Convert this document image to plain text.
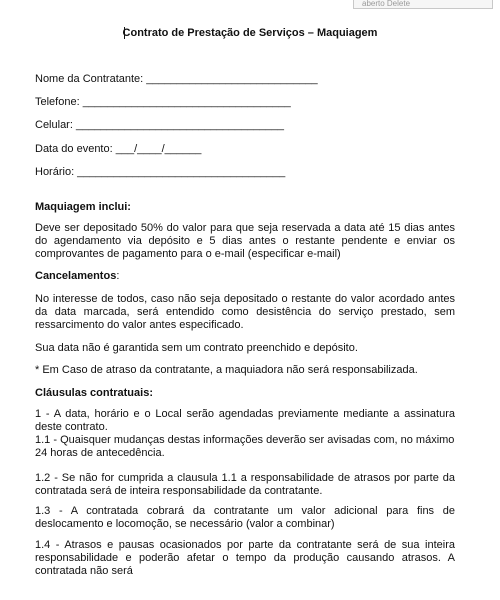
aberto Delete
Contrato de Prestação de Serviços – Maquiagem
Nome da Contratante: ____________________________
Telefone: __________________________________
Celular: __________________________________
Data do evento: ___/____/______
Horário: __________________________________
Maquiagem inclui:
Deve ser depositado 50% do valor para que seja reservada a data até 15 dias antes do agendamento via depósito e 5 dias antes o restante pendente e enviar os comprovantes de pagamento para o e-mail (especificar e-mail)
Cancelamentos:
No interesse de todos, caso não seja depositado o restante do valor acordado antes da data marcada, será entendido como desistência do serviço prestado, sem ressarcimento do valor antes especificado.
Sua data não é garantida sem um contrato preenchido e depósito.
* Em Caso de atraso da contratante, a maquiadora não será responsabilizada.
Cláusulas contratuais:
1 - A data, horário e o Local serão agendadas previamente mediante a assinatura deste contrato.
1.1 - Quaisquer mudanças destas informações deverão ser avisadas com, no máximo 24 horas de antecedência.
1.2 - Se não for cumprida a clausula 1.1 a responsabilidade de atrasos por parte da contratada será de inteira responsabilidade da contratante.
1.3 - A contratada cobrará da contratante um valor adicional para fins de deslocamento e locomoção, se necessário (valor a combinar)
1.4 - Atrasos e pausas ocasionados por parte da contratante será de sua inteira responsabilidade e poderão afetar o tempo da produção causando atrasos. A contratada não será
